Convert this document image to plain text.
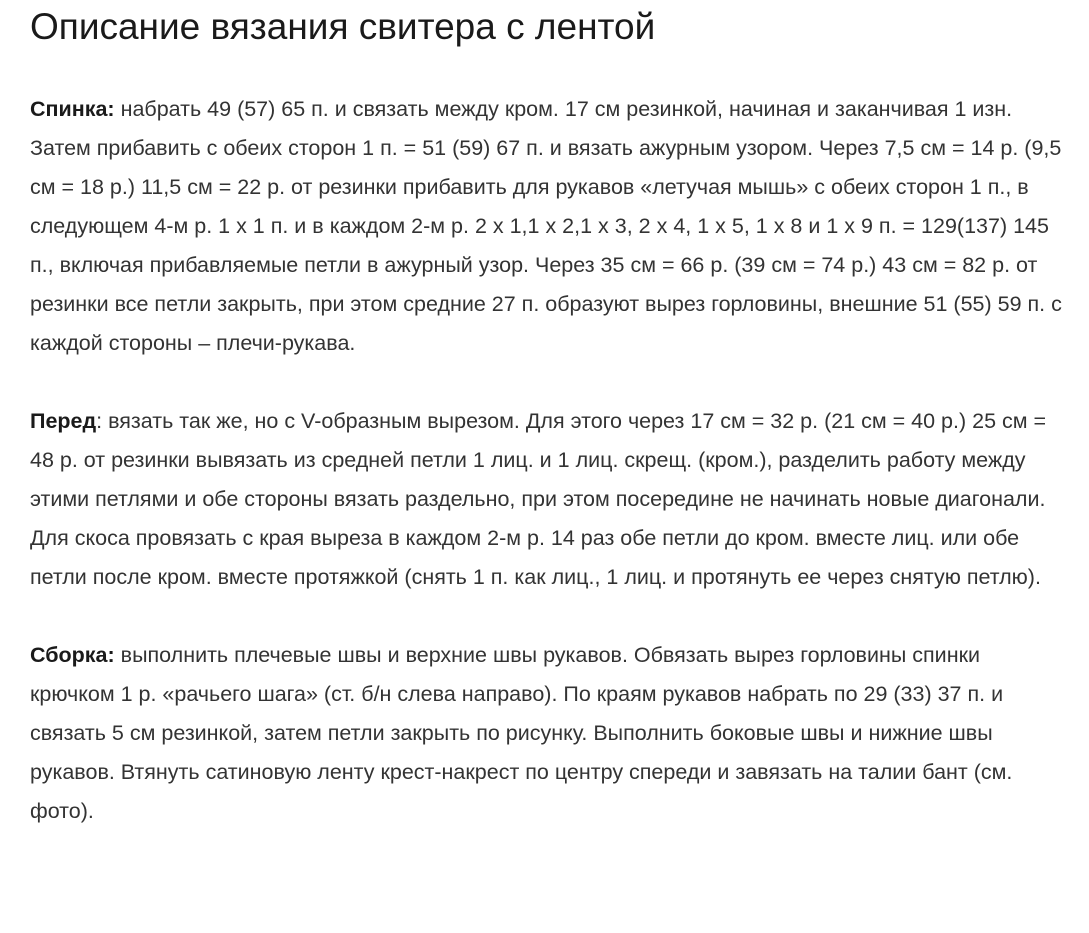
Описание вязания свитера с лентой

Спинка: набрать 49 (57) 65 п. и связать между кром. 17 см резинкой, начиная и заканчивая 1 изн. Затем прибавить с обеих сторон 1 п. = 51 (59) 67 п. и вязать ажурным узором. Через 7,5 см = 14 р. (9,5 см = 18 р.) 11,5 см = 22 р. от резинки прибавить для рукавов «летучая мышь» с обеих сторон 1 п., в следующем 4-м р. 1 х 1 п. и в каждом 2-м р. 2 х 1,1 х 2,1 х 3, 2 х 4, 1 х 5, 1 х 8 и 1 х 9 п. = 129(137) 145 п., включая прибавляемые петли в ажурный узор. Через 35 см = 66 р. (39 см = 74 р.) 43 см = 82 р. от резинки все петли закрыть, при этом средние 27 п. образуют вырез горловины, внешние 51 (55) 59 п. с каждой стороны – плечи-рукава.

Перед: вязать так же, но с V-образным вырезом. Для этого через 17 см = 32 р. (21 см = 40 р.) 25 см = 48 р. от резинки вывязать из средней петли 1 лиц. и 1 лиц. скрещ. (кром.), разделить работу между этими петлями и обе стороны вязать раздельно, при этом посередине не начинать новые диагонали. Для скоса провязать с края выреза в каждом 2-м р. 14 раз обе петли до кром. вместе лиц. или обе петли после кром. вместе протяжкой (снять 1 п. как лиц., 1 лиц. и протянуть ее через снятую петлю).

Сборка: выполнить плечевые швы и верхние швы рукавов. Обвязать вырез горловины спинки крючком 1 р. «рачьего шага» (ст. б/н слева направо). По краям рукавов набрать по 29 (33) 37 п. и связать 5 см резинкой, затем петли закрыть по рисунку. Выполнить боковые швы и нижние швы рукавов. Втянуть сатиновую ленту крест-накрест по центру спереди и завязать на талии бант (см. фото).
